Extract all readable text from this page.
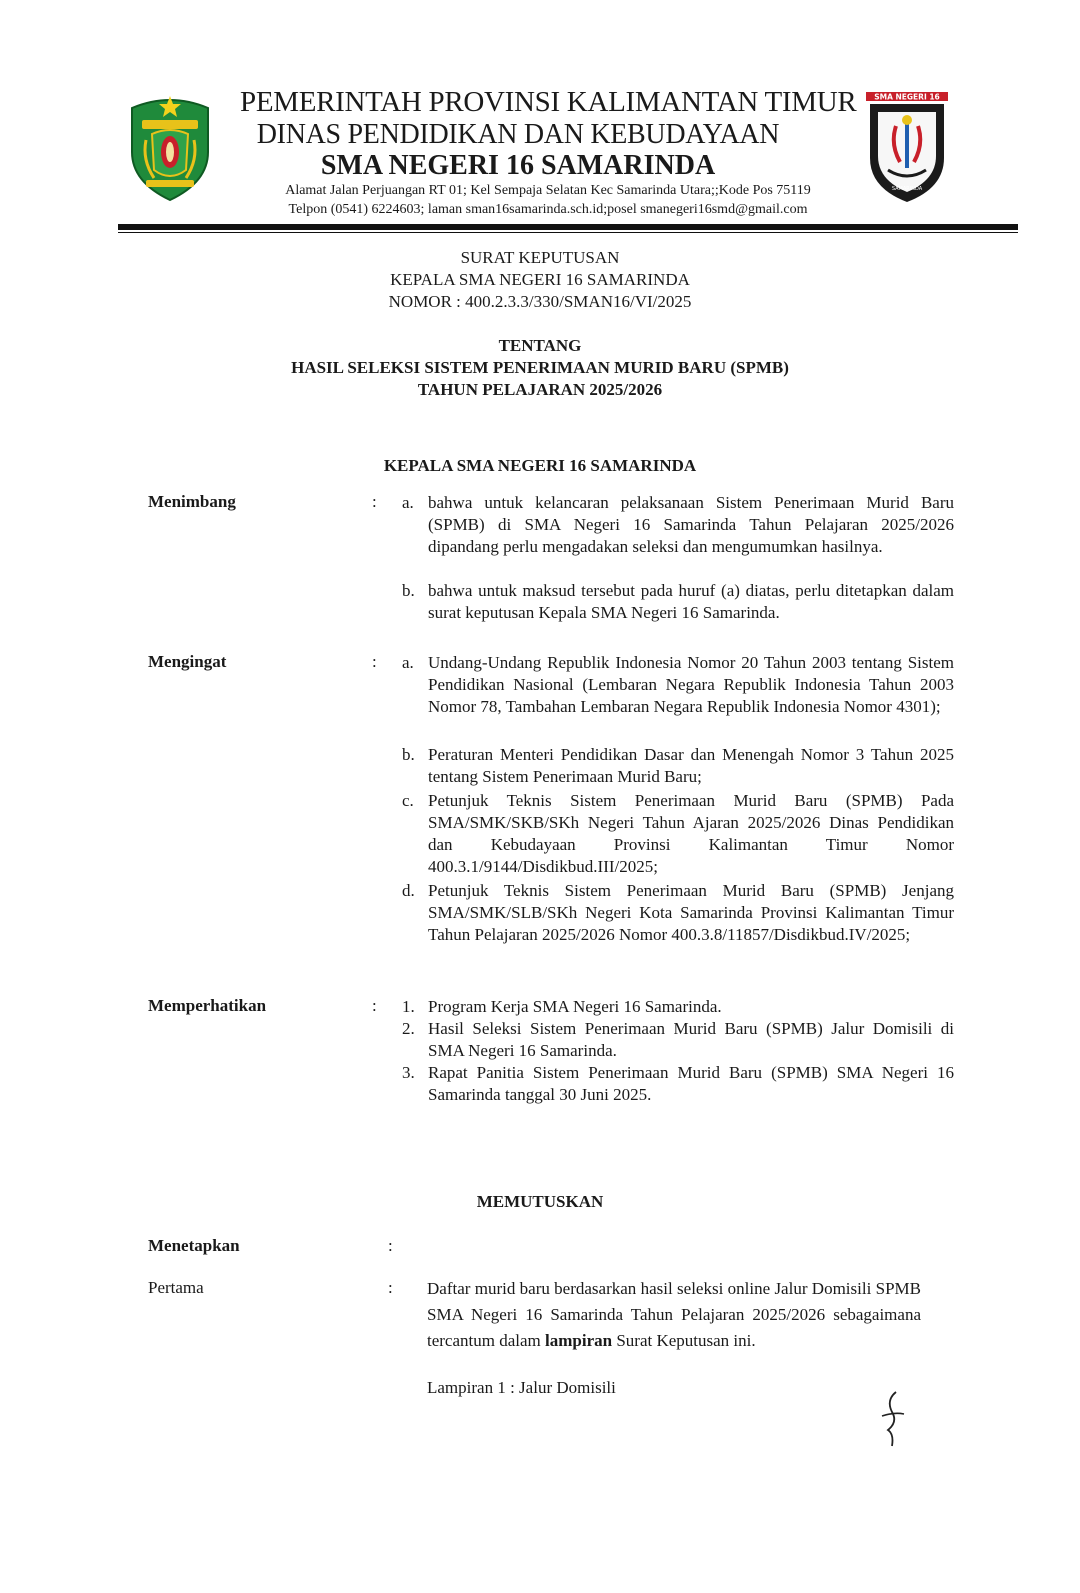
SMA NEGERI 16
SAMARINDA
PEMERINTAH PROVINSI KALIMANTAN TIMUR
DINAS PENDIDIKAN DAN KEBUDAYAAN
SMA NEGERI 16 SAMARINDA
Alamat Jalan Perjuangan RT 01; Kel Sempaja Selatan Kec Samarinda Utara;;Kode Pos 75119
Telpon (0541) 6224603; laman sman16samarinda.sch.id;posel smanegeri16smd@gmail.com
SURAT KEPUTUSAN
KEPALA SMA NEGERI 16 SAMARINDA
NOMOR : 400.2.3.3/330/SMAN16/VI/2025
TENTANG
HASIL SELEKSI SISTEM PENERIMAAN MURID BARU (SPMB)
TAHUN PELAJARAN 2025/2026
KEPALA SMA NEGERI 16 SAMARINDA
Menimbang	: a. bahwa untuk kelancaran pelaksanaan Sistem Penerimaan Murid Baru (SPMB) di SMA Negeri 16 Samarinda Tahun Pelajaran 2025/2026 dipandang perlu mengadakan seleksi dan mengumumkan hasilnya.
b. bahwa untuk maksud tersebut pada huruf (a) diatas, perlu ditetapkan dalam surat keputusan Kepala SMA Negeri 16 Samarinda.
Mengingat	: a. Undang-Undang Republik Indonesia Nomor 20 Tahun 2003 tentang Sistem Pendidikan Nasional (Lembaran Negara Republik Indonesia Tahun 2003 Nomor 78, Tambahan Lembaran Negara Republik Indonesia Nomor 4301);
b. Peraturan Menteri Pendidikan Dasar dan Menengah Nomor 3 Tahun 2025 tentang Sistem Penerimaan Murid Baru;
c. Petunjuk Teknis Sistem Penerimaan Murid Baru (SPMB) Pada SMA/SMK/SKB/SKh Negeri Tahun Ajaran 2025/2026 Dinas Pendidikan dan Kebudayaan Provinsi Kalimantan Timur Nomor 400.3.1/9144/Disdikbud.III/2025;
d. Petunjuk Teknis Sistem Penerimaan Murid Baru (SPMB) Jenjang SMA/SMK/SLB/SKh Negeri Kota Samarinda Provinsi Kalimantan Timur Tahun Pelajaran 2025/2026 Nomor 400.3.8/11857/Disdikbud.IV/2025;
Memperhatikan	: 1. Program Kerja SMA Negeri 16 Samarinda.
2. Hasil Seleksi Sistem Penerimaan Murid Baru (SPMB) Jalur Domisili di SMA Negeri 16 Samarinda.
3. Rapat Panitia Sistem Penerimaan Murid Baru (SPMB) SMA Negeri 16 Samarinda tanggal 30 Juni 2025.
MEMUTUSKAN
Menetapkan	:
Pertama	: Daftar murid baru berdasarkan hasil seleksi online Jalur Domisili SPMB SMA Negeri 16 Samarinda Tahun Pelajaran 2025/2026 sebagaimana tercantum dalam lampiran Surat Keputusan ini.
Lampiran 1 : Jalur Domisili
